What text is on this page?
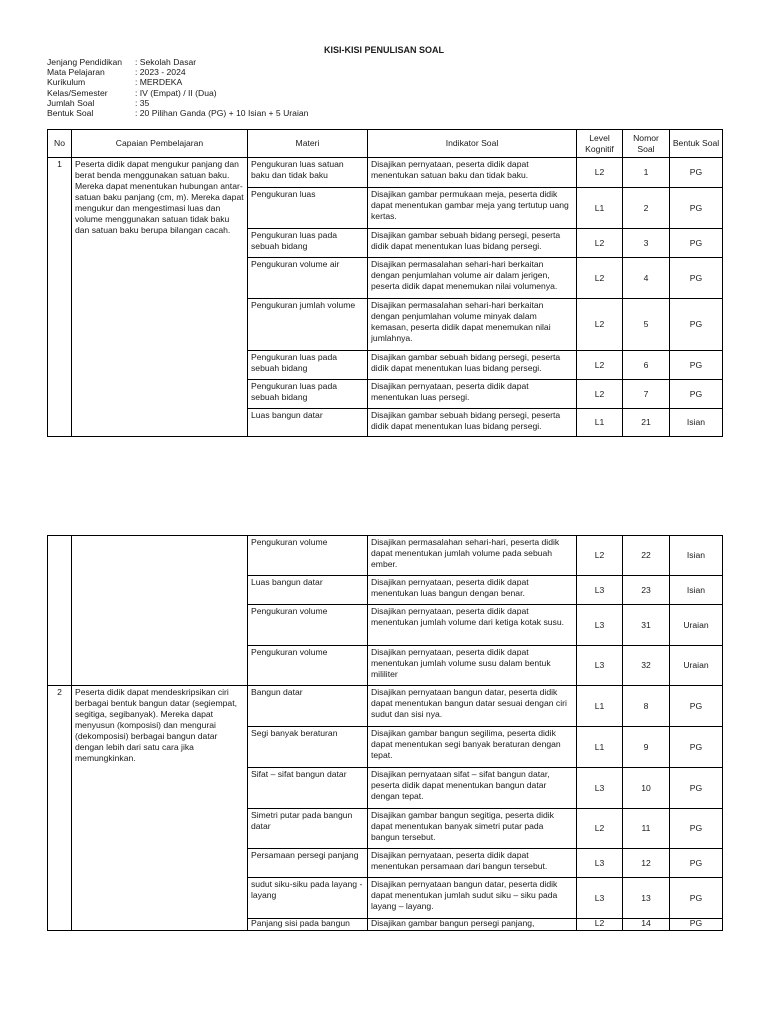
KISI-KISI PENULISAN SOAL
Jenjang Pendidikan	: Sekolah Dasar
Mata Pelajaran	: 2023 - 2024
Kurikulum	: MERDEKA
Kelas/Semester	: IV (Empat) / II (Dua)
Jumlah Soal	: 35
Bentuk Soal	: 20 Pilihan Ganda (PG) + 10 Isian + 5 Uraian
No	Capaian Pembelajaran	Materi	Indikator Soal	Level Kognitif	Nomor Soal	Bentuk Soal
1	Peserta didik dapat mengukur panjang dan berat benda menggunakan satuan baku. Mereka dapat menentukan hubungan antar-satuan baku panjang (cm, m). Mereka dapat mengukur dan mengestimasi luas dan volume menggunakan satuan tidak baku dan satuan baku berupa bilangan cacah.	Pengukuran luas satuan baku dan tidak baku	Disajikan pernyataan, peserta didik dapat menentukan satuan baku dan tidak baku.	L2	1	PG
		Pengukuran luas	Disajikan gambar permukaan meja, peserta didik dapat menentukan gambar meja yang tertutup uang kertas.	L1	2	PG
		Pengukuran luas pada sebuah bidang	Disajikan gambar sebuah bidang persegi, peserta didik dapat menentukan luas bidang persegi.	L2	3	PG
		Pengukuran volume air	Disajikan permasalahan sehari-hari berkaitan dengan penjumlahan volume air dalam jerigen, peserta didik dapat menemukan nilai volumenya.	L2	4	PG
		Pengukuran jumlah volume	Disajikan permasalahan sehari-hari berkaitan dengan penjumlahan volume minyak dalam kemasan, peserta didik dapat menemukan nilai jumlahnya.	L2	5	PG
		Pengukuran luas pada sebuah bidang	Disajikan gambar sebuah bidang persegi, peserta didik dapat menentukan luas bidang persegi.	L2	6	PG
		Pengukuran luas pada sebuah bidang	Disajikan pernyataan, peserta didik dapat menentukan luas persegi.	L2	7	PG
		Luas bangun datar	Disajikan gambar sebuah bidang persegi, peserta didik dapat menentukan luas bidang persegi.	L1	21	Isian
		Pengukuran volume	Disajikan permasalahan sehari-hari, peserta didik dapat menentukan jumlah volume pada sebuah ember.	L2	22	Isian
		Luas bangun datar	Disajikan pernyataan, peserta didik dapat menentukan luas bangun dengan benar.	L3	23	Isian
		Pengukuran volume	Disajikan pernyataan, peserta didik dapat menentukan jumlah volume dari ketiga kotak susu.	L3	31	Uraian
		Pengukuran volume	Disajikan pernyataan, peserta didik dapat menentukan jumlah volume susu dalam bentuk mililiter	L3	32	Uraian
2	Peserta didik dapat mendeskripsikan ciri berbagai bentuk bangun datar (segiempat, segitiga, segibanyak). Mereka dapat menyusun (komposisi) dan mengurai (dekomposisi) berbagai bangun datar dengan lebih dari satu cara jika memungkinkan.	Bangun datar	Disajikan pernyataan bangun datar, peserta didik dapat menentukan bangun datar sesuai dengan ciri sudut dan sisi nya.	L1	8	PG
		Segi banyak beraturan	Disajikan gambar bangun segilima, peserta didik dapat menentukan segi banyak beraturan dengan tepat.	L1	9	PG
		Sifat – sifat bangun datar	Disajikan pernyataan sifat – sifat bangun datar, peserta didik dapat menentukan bangun datar dengan tepat.	L3	10	PG
		Simetri putar pada bangun datar	Disajikan gambar bangun segitiga, peserta didik dapat menentukan banyak simetri putar pada bangun tersebut.	L2	11	PG
		Persamaan persegi panjang	Disajikan pernyataan, peserta didik dapat menentukan persamaan dari bangun tersebut.	L3	12	PG
		sudut siku-siku pada layang - layang	Disajikan pernyataan bangun datar, peserta didik dapat menentukan jumlah sudut siku – siku pada layang – layang.	L3	13	PG
		Panjang sisi pada bangun	Disajikan gambar bangun persegi panjang,	L2	14	PG
